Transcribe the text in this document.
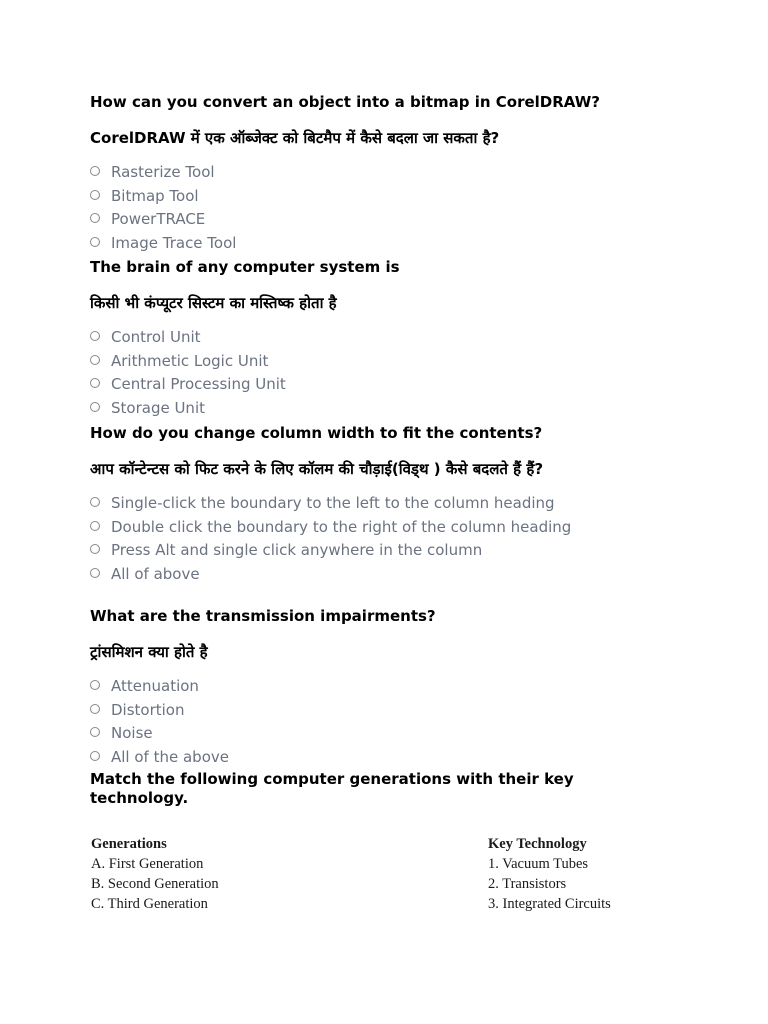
How can you convert an object into a bitmap in CorelDRAW?

CorelDRAW में एक ऑब्जेक्ट को बिटमैप में कैसे बदला जा सकता है?

Rasterize Tool
Bitmap Tool
PowerTRACE
Image Trace Tool

The brain of any computer system is

किसी भी कंप्यूटर सिस्टम का मस्तिष्क होता है

Control Unit
Arithmetic Logic Unit
Central Processing Unit
Storage Unit

How do you change column width to fit the contents?

आप कॉन्टेन्टस को फिट करने के लिए कॉलम की चौड़ाई(विड्थ ) कैसे बदलते हैं हैं?

Single-click the boundary to the left to the column heading
Double click the boundary to the right of the column heading
Press Alt and single click anywhere in the column
All of above

What are the transmission impairments?

ट्रांसमिशन क्या होते है

Attenuation
Distortion
Noise
All of the above

Match the following computer generations with their key technology.

Generations
A. First Generation
B. Second Generation
C. Third Generation
Key Technology
1. Vacuum Tubes
2. Transistors
3. Integrated Circuits
